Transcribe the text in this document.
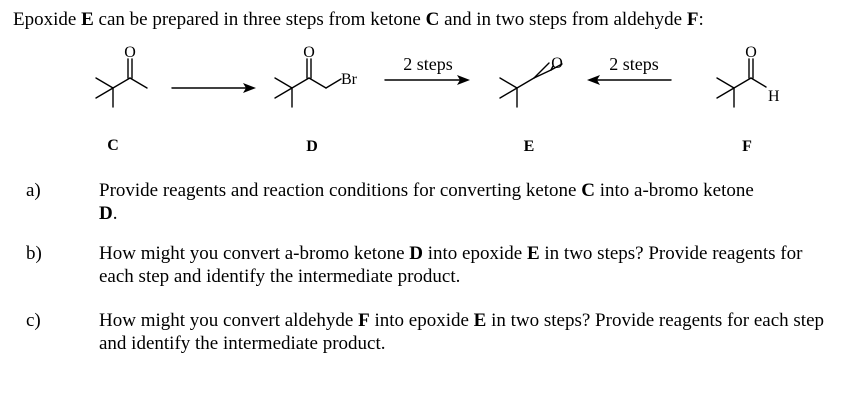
Epoxide E can be prepared in three steps from ketone C and in two steps from aldehyde F:
O	O
Br
O
O
H
2 steps	2 steps
C	D	E	F
a)	Provide reagents and reaction conditions for converting ketone C into a-bromo ketone
D.
b)	How might you convert a-bromo ketone D into epoxide E in two steps? Provide reagents for each step and identify the intermediate product.
c)	How might you convert aldehyde F into epoxide E in two steps? Provide reagents for each step and identify the intermediate product.
